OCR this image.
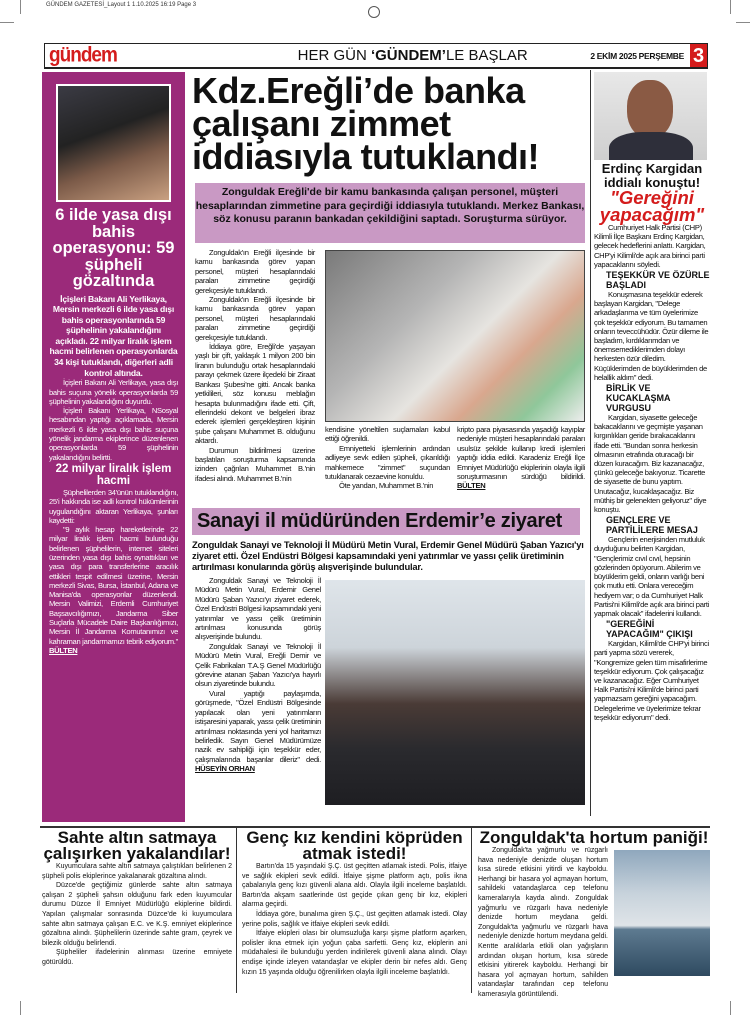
GÜNDEM GAZETESİ_Layout 1 1.10.2025 16:19 Page 3
gündem	HER GÜN ‘GÜNDEM’LE BAŞLAR	2 EKİM 2025 PERŞEMBE 3
6 ilde yasa dışı bahis operasyonu: 59 şüpheli gözaltında
İçişleri Bakanı Ali Yerlikaya, Mersin merkezli 6 ilde yasa dışı bahis operasyonlarında 59 şüphelinin yakalandığını açıkladı. 22 milyar liralık işlem hacmi belirlenen operasyonlarda 34 kişi tutuklandı, diğerleri adli kontrol altında.

İçişleri Bakanı Ali Yerlikaya, yasa dışı bahis suçuna yönelik operasyonlarda 59 şüphelinin yakalandığını duyurdu.

İçişleri Bakanı Yerlikaya, NSosyal hesabından yaptığı açıklamada, Mersin merkezli 6 ilde yasa dışı bahis suçuna yönelik jandarma ekiplerince düzenlenen operasyonlarda 59 şüphelinin yakalandığını belirtti.

22 milyar liralık işlem hacmi

Şüphelilerden 34'ünün tutuklandığını, 25'i hakkında ise adli kontrol hükümlerinin uygulandığını aktaran Yerlikaya, şunları kaydetti:

"9 aylık hesap hareketlerinde 22 milyar liralık işlem hacmi bulunduğu belirlenen şüphelilerin, internet siteleri üzerinden yasa dışı bahis oynattıkları ve yasa dışı para transferlerine aracılık ettikleri tespit edilmesi üzerine, Mersin merkezli Sivas, Bursa, İstanbul, Adana ve Manisa'da operasyonlar düzenlendi. Mersin Valimizi, Erdemli Cumhuriyet Başsavcılığımızı, Jandarma Siber Suçlarla Mücadele Daire Başkanlığımızı, Mersin İl Jandarma Komutanımızı ve kahraman jandarmamızı tebrik ediyorum." BÜLTEN

Kdz.Ereğli’de banka çalışanı zimmet iddiasıyla tutuklandı!
Zonguldak Ereğli'de bir kamu bankasında çalışan personel, müşteri hesaplarından zimmetine para geçirdiği iddiasıyla tutuklandı. Merkez Bankası, söz konusu paranın bankadan çekildiğini saptadı. Soruşturma sürüyor.

Zonguldak'ın Ereğli ilçesinde bir kamu bankasında görev yapan personel, müşteri hesaplarındaki paraları zimmetine geçirdiği gerekçesiyle tutuklandı.

Zonguldak'ın Ereğli ilçesinde bir kamu bankasında görev yapan personel, müşteri hesaplarındaki paraları zimmetine geçirdiği gerekçesiyle tutuklandı.

İddiaya göre, Ereğli'de yaşayan yaşlı bir çift, yaklaşık 1 milyon 200 bin liranın bulunduğu ortak hesaplarındaki parayı çekmek üzere ilçedeki bir Ziraat Bankası Şubesi'ne gitti. Ancak banka yetkilileri, söz konusu meblağın hesapta bulunmadığını ifade etti. Çift, ellerindeki dekont ve belgeleri ibraz ederek işlemleri gerçekleştiren kişinin şube çalışanı Muhammet B. olduğunu aktardı.

Durumun bildirilmesi üzerine başlatılan soruşturma kapsamında izinden çağrılan Muhammet B.'nin ifadesi alındı. Muhammet B.'nin

kendisine yöneltilen suçlamaları kabul ettiği öğrenildi.

Emniyetteki işlemlerinin ardından adliyeye sevk edilen şüpheli, çıkarıldığı mahkemece "zimmet" suçundan tutuklanarak cezaevine konuldu.

Öte yandan, Muhammet B.'nin

kripto para piyasasında yaşadığı kayıplar nedeniyle müşteri hesaplarındaki paraları usulsüz şekilde kullanıp kredi işlemleri yaptığı iddia edildi. Karadeniz Ereğli İlçe Emniyet Müdürlüğü ekiplerinin olayla ilgili soruşturmasının sürdüğü bildirildi. BÜLTEN

Sanayi il müdüründen Erdemir’e ziyaret
Zonguldak Sanayi ve Teknoloji İl Müdürü Metin Vural, Erdemir Genel Müdürü Şaban Yazıcı'yı ziyaret etti. Özel Endüstri Bölgesi kapsamındaki yeni yatırımlar ve yassı çelik üretiminin artırılması konularında görüş alışverişinde bulundular.

Zonguldak Sanayi ve Teknoloji İl Müdürü Metin Vural, Erdemir Genel Müdürü Şaban Yazıcı'yı ziyaret ederek, Özel Endüstri Bölgesi kapsamındaki yeni yatırımlar ve yassı çelik üretiminin artırılması konusunda görüş alışverişinde bulundu.

Zonguldak Sanayi ve Teknoloji İl Müdürü Metin Vural, Ereğli Demir ve Çelik Fabrikaları T.A.Ş Genel Müdürlüğü görevine atanan Şaban Yazıcı'ya hayırlı olsun ziyaretinde bulundu.

Vural yaptığı paylaşımda, görüşmede, "Özel Endüstri Bölgesinde yapılacak olan yeni yatırımların istişaresini yaparak, yassı çelik üretiminin artırılması noktasında yeni yol haritamızı belirledik. Sayın Genel Müdürümüze nazik ev sahipliği için teşekkür eder, çalışmalarında başarılar dileriz" dedi. HÜSEYİN ORHAN

Erdinç Kargidan iddialı konuştu!
"Gereğini yapacağım"

Cumhuriyet Halk Partisi (CHP) Kilimli İlçe Başkanı Erdinç Kargidan, gelecek hedeflerini anlattı. Kargidan, CHP'yi Kilimli'de açık ara birinci parti yapacaklarını söyledi.

TEŞEKKÜR VE ÖZÜRLE BAŞLADI

Konuşmasına teşekkür ederek başlayan Kargidan, "Delege arkadaşlarıma ve tüm üyelerimize çok teşekkür ediyorum. Bu tamamen onların teveccühüdür. Özür dileme ile başladım, kırdıklarımdan ve önemsemediklerimden dolayı herkesten özür diledim. Küçüklerimden de büyüklerimden de helallik aldım" dedi.

BİRLİK VE KUCAKLAŞMA VURGUSU

Kargidan, siyasette geleceğe bakacaklarını ve geçmişte yaşanan kırgınlıkları geride bırakacaklarını ifade etti. "Bundan sonra herkesin olmasının etrafında oturacağı bir düzen kuracağım. Biz kazanacağız, çünkü geleceğe bakıyoruz. Ticarette de siyasette de bunu yaptım. Unutacağız, kucaklaşacağız. Biz müthiş bir gelenekten geliyoruz" diye konuştu.

GENÇLERE VE PARTİLİLERE MESAJ

Gençlerin enerjisinden mutluluk duyduğunu belirten Kargidan, "Gençlerimiz cıvıl cıvıl, hepsinin gözlerinden öpüyorum. Abilerim ve büyüklerim geldi, onların varlığı beni çok mutlu etti. Onlara vereceğim hediyem var; o da Cumhuriyet Halk Partisi'ni Kilimli'de açık ara birinci parti yapmak olacak" ifadelerini kullandı.

"GEREĞİNİ YAPACAĞIM" ÇIKIŞI

Kargidan, Kilimli'de CHP'yi birinci parti yapma sözü vererek, "Kongremize gelen tüm misafirlerime teşekkür ediyorum. Çok çalışacağız ve kazanacağız. Eğer Cumhuriyet Halk Partisi'ni Kilimli'de birinci parti yapmazsam gereğini yapacağım. Delegelerime ve üyelerimize tekrar teşekkür ediyorum" dedi.

Sahte altın satmaya çalışırken yakalandılar!

Kuyumculara sahte altın satmaya çalıştıkları belirlenen 2 şüpheli polis ekiplerince yakalanarak gözaltına alındı.

Düzce'de geçtiğimiz günlerde sahte altın satmaya çalışan 2 şüpheli şahsın olduğunu fark eden kuyumcular durumu Düzce İl Emniyet Müdürlüğü ekiplerine bildirdi. Yapılan çalışmalar sonrasında Düzce'de ki kuyumculara sahte altın satmaya çalışan E.C. ve K.Ş. emniyet ekiplerince gözaltına alındı. Şüphelilerin üzerinde sahte gram, çeyrek ve bilezik olduğu belirlendi.

Şüpheliler ifadelerinin alınması üzerine emniyete götürüldü.

Genç kız kendini köprüden atmak istedi!

Bartın'da 15 yaşındaki Ş.Ç. üst geçitten atlamak istedi. Polis, itfaiye ve sağlık ekipleri sevk edildi. İtfaiye şişme platform açtı, polis ikna çabalarıyla genç kızı güvenli alana aldı. Olayla ilgili inceleme başlatıldı. Bartın'da akşam saatlerinde üst geçide çıkan genç bir kız, ekipleri alarma geçirdi.

İddiaya göre, bunalıma giren Ş.Ç., üst geçitten atlamak istedi. Olay yerine polis, sağlık ve itfaiye ekipleri sevk edildi.

İtfaiye ekipleri olası bir olumsuzluğa karşı şişme platform açarken, polisler ikna etmek için yoğun çaba sarfetti. Genç kız, ekiplerin ani müdahalesi ile bulunduğu yerden indirilerek güvenli alana alındı. Olayı endişe içinde izleyen vatandaşlar ve ekipler derin bir nefes aldı. Genç kızın 15 yaşında olduğu öğrenilirken olayla ilgili inceleme başlatıldı.

Zonguldak'ta hortum paniği!

Zonguldak'ta yağmurlu ve rüzgarlı hava nedeniyle denizde oluşan hortum kısa sürede etkisini yitirdi ve kayboldu. Herhangi bir hasara yol açmayan hortum, sahildeki vatandaşlarca cep telefonu kameralarıyla kayda alındı. Zonguldak yağmurlu ve rüzgarlı hava nedeniyle denizde hortum meydana geldi. Zonguldak'ta yağmurlu ve rüzgarlı hava nedeniyle denizde hortum meydana geldi. Kentte aralıklarla etkili olan yağışların ardından oluşan hortum, kısa sürede etkisini yitirerek kayboldu. Herhangi bir hasara yol açmayan hortum, sahilden vatandaşlar tarafından cep telefonu kamerasıyla görüntülendi.
